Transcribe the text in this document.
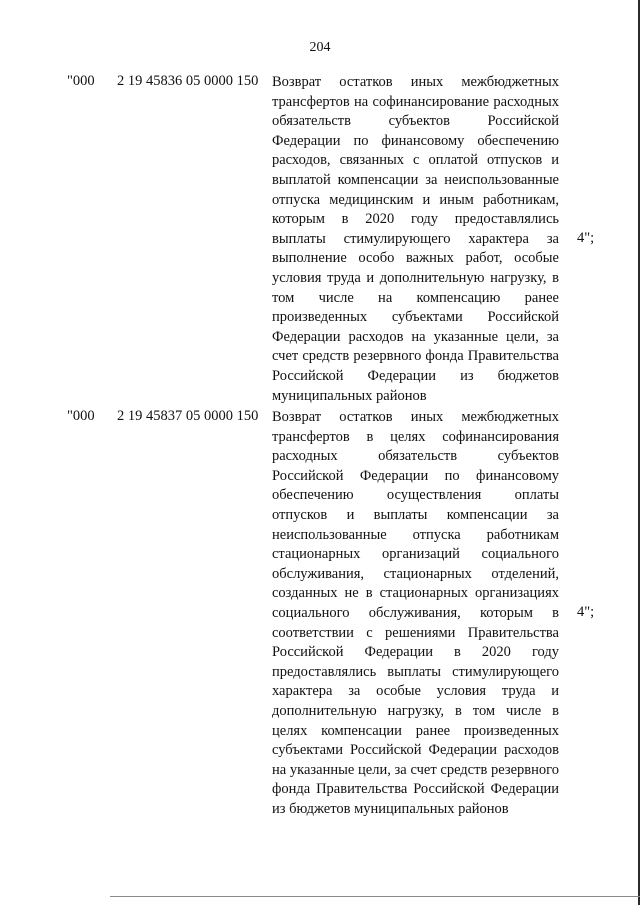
204
"000 2 19 45836 05 0000 150 Возврат остатков иных межбюджетных
трансфертов на софинансирование расходных
обязательств субъектов Российской
Федерации по финансовому обеспечению
расходов, связанных с оплатой отпусков и
выплатой компенсации за неиспользованные
отпуска медицинским и иным работникам,
которым в 2020 году предоставлялись
выплаты стимулирующего характера за
выполнение особо важных работ, особые
условия труда и дополнительную нагрузку, в
том числе на компенсацию ранее
произведенных субъектами Российской
Федерации расходов на указанные цели, за
счет средств резервного фонда Правительства
Российской Федерации из бюджетов
муниципальных районов
4";
"000 2 19 45837 05 0000 150 Возврат остатков иных межбюджетных
трансфертов в целях софинансирования
расходных обязательств субъектов
Российской Федерации по финансовому
обеспечению осуществления оплаты
отпусков и выплаты компенсации за
неиспользованные отпуска работникам
стационарных организаций социального
обслуживания, стационарных отделений,
созданных не в стационарных организациях
социального обслуживания, которым в
соответствии с решениями Правительства
Российской Федерации в 2020 году
предоставлялись выплаты стимулирующего
характера за особые условия труда и
дополнительную нагрузку, в том числе в
целях компенсации ранее произведенных
субъектами Российской Федерации расходов
на указанные цели, за счет средств резервного
фонда Правительства Российской Федерации
из бюджетов муниципальных районов
4";
